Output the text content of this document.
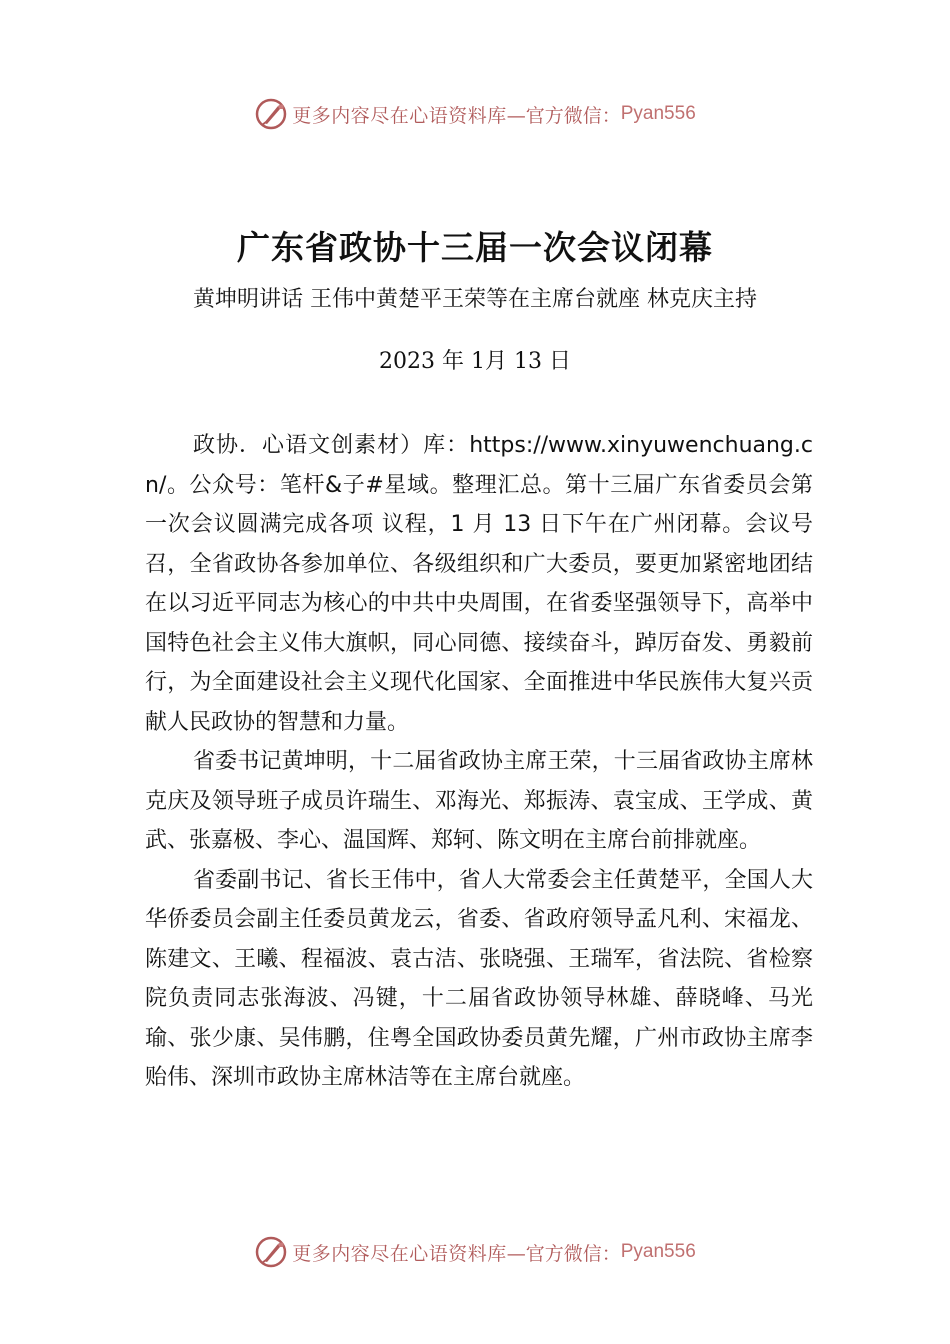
更多内容尽在心语资料库 —官方微信： Pyan556
广东省政协十三届一次会议闭幕
黄坤明讲话 王伟中黄楚平王荣等在主席台就座 林克庆主持
2023 年 1月 13 日

政协．心语文创素材）库：https://www.xinyuwenchuang.cn/。公众号：笔杆&子#星域。整理汇总。第十三届广东省委员会第一次会议圆满完成各项 议程，1 月 13 日下午在广州闭幕。会议号召，全省政协各参加单位、各级组织和广大委员，要更加紧密地团结在以习近平同志为核心的中共中央周围，在省委坚强领导下，高举中国特色社会主义伟大旗帜，同心同德、接续奋斗，踔厉奋发、勇毅前行，为全面建设社会主义现代化国家、全面推进中华民族伟大复兴贡献人民政协的智慧和力量。

省委书记黄坤明，十二届省政协主席王荣，十三届省政协主席林克庆及领导班子成员许瑞生、邓海光、郑振涛、袁宝成、王学成、黄武、张嘉极、李心、温国辉、郑轲、陈文明在主席台前排就座。

省委副书记、省长王伟中，省人大常委会主任黄楚平，全国人大华侨委员会副主任委员黄龙云，省委、省政府领导孟凡利、宋福龙、陈建文、王曦、程福波、袁古洁、张晓强、王瑞军，省法院、省检察院负责同志张海波、冯键，十二届省政协领导林雄、薛晓峰、马光瑜、张少康、吴伟鹏，住粤全国政协委员黄先耀，广州市政协主席李贻伟、深圳市政协主席林洁等在主席台就座。

更多内容尽在心语资料库 —官方微信： Pyan556
